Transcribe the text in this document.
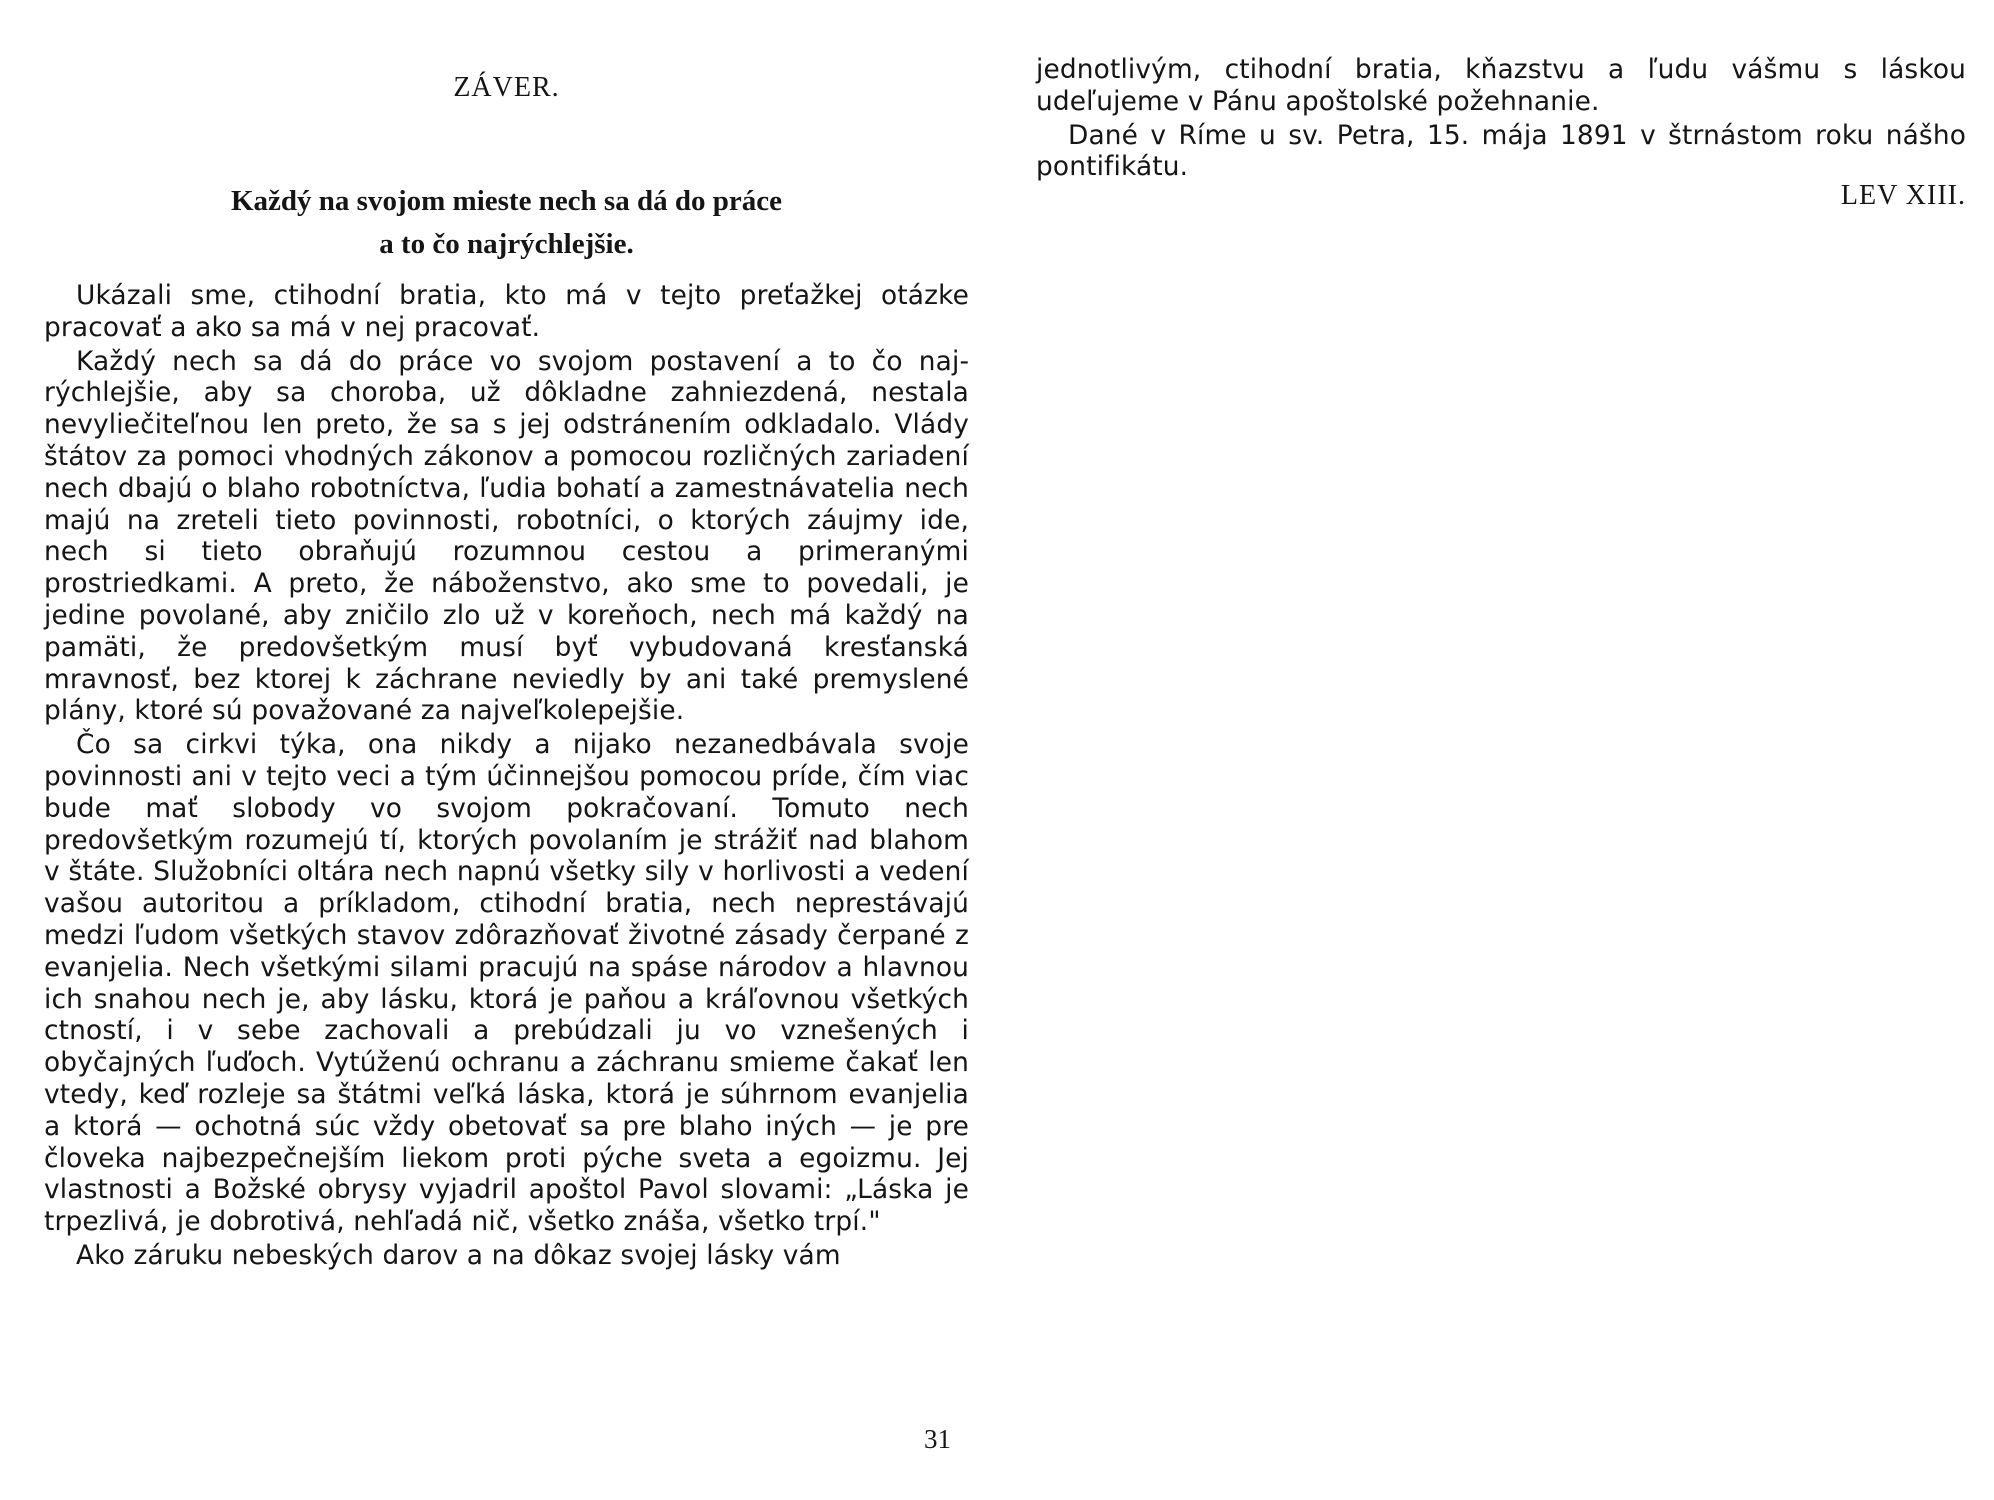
ZÁVER.
Každý na svojom mieste nech sa dá do práce
a to čo najrýchlejšie.

Ukázali sme, ctihodní bratia, kto má v tejto preťažkej otázke pracovať a ako sa má v nej pracovať.

Každý nech sa dá do práce vo svojom postavení a to čo najrýchlejšie, aby sa choroba, už dôkladne zahniezdená, nestala nevyliečiteľnou len preto, že sa s jej odstránením odkladalo. Vlády štátov za pomoci vhodných zákonov a pomocou rozličných zariadení nech dbajú o blaho robotníctva, ľudia bohatí a zamestnávatelia nech majú na zreteli tieto povinnosti, robotníci, o ktorých záujmy ide, nech si tieto obraňujú rozumnou cestou a primeranými prostriedkami. A preto, že náboženstvo, ako sme to povedali, je jedine povolané, aby zničilo zlo už v koreňoch, nech má každý na pamäti, že predovšetkým musí byť vybudovaná kresťanská mravnosť, bez ktorej k záchrane neviedly by ani také premyslené plány, ktoré sú považované za najveľkolepejšie.

Čo sa cirkvi týka, ona nikdy a nijako nezanedbávala svoje povinnosti ani v tejto veci a tým účinnejšou pomocou príde, čím viac bude mať slobody vo svojom pokračovaní. Tomuto nech predovšetkým rozumejú tí, ktorých povolaním je strážiť nad blahom v štáte. Služobníci oltára nech napnú všetky sily v horlivosti a vedení vašou autoritou a príkladom, ctihodní bratia, nech neprestávajú medzi ľudom všetkých stavov zdôrazňovať životné zásady čerpané z evanjelia. Nech všetkými silami pracujú na spáse národov a hlavnou ich snahou nech je, aby lásku, ktorá je paňou a kráľovnou všetkých ctností, i v sebe zachovali a prebúdzali ju vo vznešených i obyčajných ľuďoch. Vytúženú ochranu a záchranu smieme čakať len vtedy, keď rozleje sa štátmi veľká láska, ktorá je súhrnom evanjelia a ktorá — ochotná súc vždy obetovať sa pre blaho iných — je pre človeka najbezpečnejším liekom proti pýche sveta a egoizmu. Jej vlastnosti a Božské obrysy vyjadril apoštol Pavol slovami: „Láska je trpezlivá, je dobrotivá, nehľadá nič, všetko znáša, všetko trpí."

Ako záruku nebeských darov a na dôkaz svojej lásky vám

31

jednotlivým, ctihodní bratia, kňazstvu a ľudu vášmu s láskou udeľujeme v Pánu apoštolské požehnanie.

Dané v Ríme u sv. Petra, 15. mája 1891 v štrnástom roku nášho pontifikátu.

LEV XIII.
